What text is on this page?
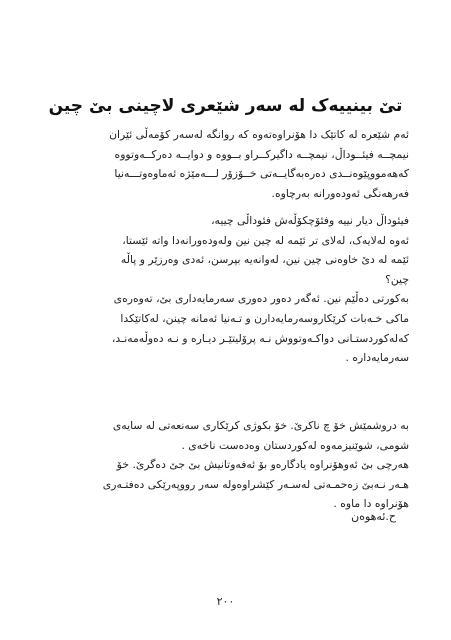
تێ بینییەک لە سەر شێعری لاچینی بێ چین
ئەم شێعرە لە کاتێک دا هۆنراوەتەوە کە روانگە لەسەر کۆمەڵی ئێران
نیمچــە فیئــوداڵ، نیمچــە داگیرکــراو بــووە و دوایــە دەرکــەوتووە
کەهەمووپێوەنــدی دەرەبەگایــەتی خــۆزۆر لـــەمێژە ئەماوەوتـــەنیا
فەرهەنگی ئەودەورانە بەرچاوە.
فیئوداڵ دیار نییە وفئۆچکۆڵەش فئوداڵی چییە،
ئەوە لەلایەک، لەلای تر ئێمە لە چین نین ولەودەورانەدا واتە ئێستا،
ئێمە لە دێ خاوەنی چین نین، لەوانەیە بپرسن، ئەدی وەرزێر و پاڵە
چین؟
بەکورتی دەڵێم نین. ئەگەر دەور دەوری سەرمایەداری بێ، تەوەرەی
ماکی خـەبات کرێکاروسەرمایەدارن و تـەنیا ئەمانە چینن، لەکاتێکدا
کەلەکوردستـانی دواکـەوتووش نـە پرۆلیتێـر دیـارە و نـە دەوڵەمەنـد،
سەرمایەدارە .
بە دروشمێش خۆ چ ناکرێ. خۆ بکوژی کرێکاری سەنعەتی لە سایەی
شومی، شوێنیزمەوە لەکوردستان وەدەست ناخەی .
هەرچی بێ ئەوهۆنراوە یادگارەو بۆ ئەفەوتانیش بێ جێ دەگرێ. خۆ
هـەر نـەبێ زەحمـەتی لەسـەر کێشراوەولە سەر رووپەرێکی دەفتـەری
هۆنراوە دا ماوە .
ح.ئەهوەن
٢٠٠
